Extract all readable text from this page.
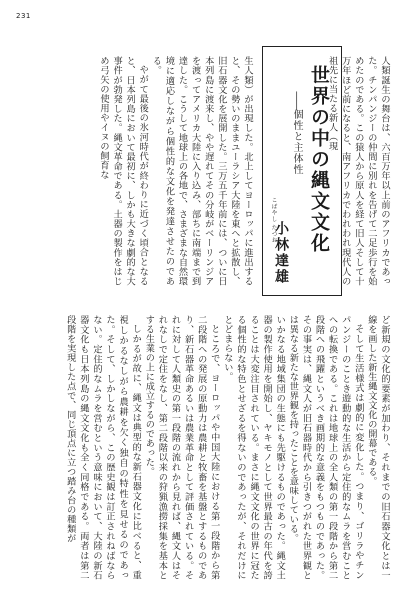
231

人類誕生の舞台は、六百万年以上前のアフリカであった。チンパンジーの仲間に別れを告げて二足歩行を始めたのである。この猿人から原人を経て旧人そして十万年ほど前になると、南アフリカでわれわれ現代人の祖先に当たる新人（現

世界の中の縄文文化 ——個性と主体性
こばやし たつお
小林達雄

生人類）が出現した。北上してヨーロッパに進出すると、その勢いのままユーラシア大陸を東へと拡散し、旧石器文化を展開した。三万五千年前には、ついに日本列島に渡来し、やや遅れてその分岐がベーリンジアを渡ってアメリカ大陸に入り込み、部ちに南端まで到達した。こうして地球上の各地で、さまざまな自然環境に適応しながら個性的な文化を発達させたのである。

やがて最後の氷河時代が終わりに近づく頃合となると、日本列島において最初に、しかも大きな劇的な大事件が勃発した。縄文革命である。土器の製作をはじめ弓矢の使用やイヌの飼育な

ど新規の文化的要素が加わり、それまでの旧石器文化とは一線を画した新生縄文文化の開幕である。

そして生活様式は劇的に変化した。つまり、ゴリラやチンパンジーのことき遊動的な生活から定住的なムラを営むことへの転換である。これは地球上の全人類の第一段階から第二段階への飛躍というべき画期的な意義をもつものであった。その事実は、縄文人が旧石器時代から引きつがれた世界観とは異なる新たな世界観を持ったことを意味している。

いかなる地域集団の生態にも先駆けるものであった。縄文土器の製作使用を開始し、ヤキモノとして世界最古の年代を誇ることは大変注目されている。まさに縄文文化の世界に冠たる個性的な特色とせざるを得ないのであったが、それだけにとどまらない。

ところで、ヨーロッパや中国大陸における第一段階から第二段階への発展の原動力は農耕と牧畜を基盤とするものであり、新石器革命あるいは農業革命として評価されている。それに対して人類史の第一段階の流れから見れば、縄文人はそれなしで定住をなし、第二段階以来の狩猟漁撈採集を基本とする生業の上に成立するのであった。

しかるが故に、縄文は典型的な新石器文化に比べると、重視しかるなしがら農耕を欠く独自の特性を見せるのであった。そして、しかしながら、この歴史観は訂正されねばならない。定住的なムラを営むという意味において、大陸の新石器文化も日本列島の縄文文化も全く同格である。両者は第二段階を実現した点で、同じ頂点に立つ踏み台の種類が
